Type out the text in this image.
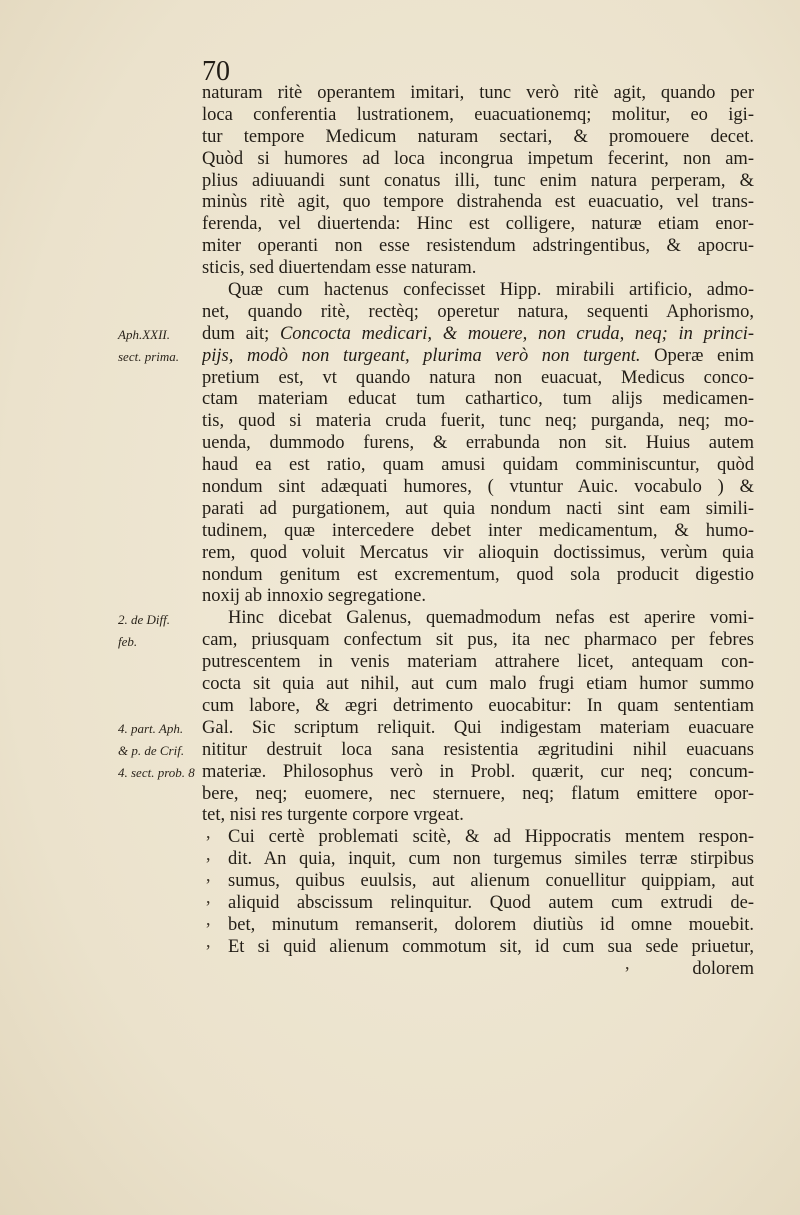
70
naturam ritè operantem imitari, tunc verò ritè agit, quando per
loca conferentia lustrationem, euacuationemq; molitur, eo igi-
tur tempore Medicum naturam sectari, & promouere decet.
Quòd si humores ad loca incongrua impetum fecerint, non am-
plius adiuuandi sunt conatus illi, tunc enim natura perperam, &
minùs ritè agit, quo tempore distrahenda est euacuatio, vel trans-
ferenda, vel diuertenda: Hinc est colligere, naturæ etiam enor-
miter operanti non esse resistendum adstringentibus, & apocru-
sticis, sed diuertendam esse naturam.
Quæ cum hactenus confecisset Hipp. mirabili artificio, admo-
net, quando ritè, rectèq; operetur natura, sequenti Aphorismo,
dum ait; Concocta medicari, & mouere, non cruda, neq; in princi-
pijs, modò non turgeant, plurima verò non turgent. Operæ enim
pretium est, vt quando natura non euacuat, Medicus conco-
ctam materiam educat tum cathartico, tum alijs medicamen-
tis, quod si materia cruda fuerit, tunc neq; purganda, neq; mo-
uenda, dummodo furens, & errabunda non sit. Huius autem
haud ea est ratio, quam amusi quidam comminiscuntur, quòd
nondum sint adæquati humores, ( vtuntur Auic. vocabulo ) &
parati ad purgationem, aut quia nondum nacti sint eam simili-
tudinem, quæ intercedere debet inter medicamentum, & humo-
rem, quod voluit Mercatus vir alioquin doctissimus, verùm quia
nondum genitum est excrementum, quod sola producit digestio
noxij ab innoxio segregatione.
Hinc dicebat Galenus, quemadmodum nefas est aperire vomi-
cam, priusquam confectum sit pus, ita nec pharmaco per febres
putrescentem in venis materiam attrahere licet, antequam con-
cocta sit quia aut nihil, aut cum malo frugi etiam humor summo
cum labore, & ægri detrimento euocabitur: In quam sententiam
Gal. Sic scriptum reliquit. Qui indigestam materiam euacuare
nititur destruit loca sana resistentia ægritudini nihil euacuans
materiæ. Philosophus verò in Probl. quærit, cur neq; concum-
bere, neq; euomere, nec sternuere, neq; flatum emittere opor-
tet, nisi res turgente corpore vrgeat.
Cui certè problemati scitè, & ad Hippocratis mentem respon-
dit. An quia, inquit, cum non turgemus similes terræ stirpibus
sumus, quibus euulsis, aut alienum conuellitur quippiam, aut
aliquid abscissum relinquitur. Quod autem cum extrudi de-
bet, minutum remanserit, dolorem diutiùs id omne mouebit.
Et si quid alienum commotum sit, id cum sua sede priuetur,
dolorem
Aph.XXII.
sect. prima.
2. de Diff.
feb.
4. part. Aph.
& p. de Crif.
4. sect. prob. 8
,
,
,
,
,
,
,
